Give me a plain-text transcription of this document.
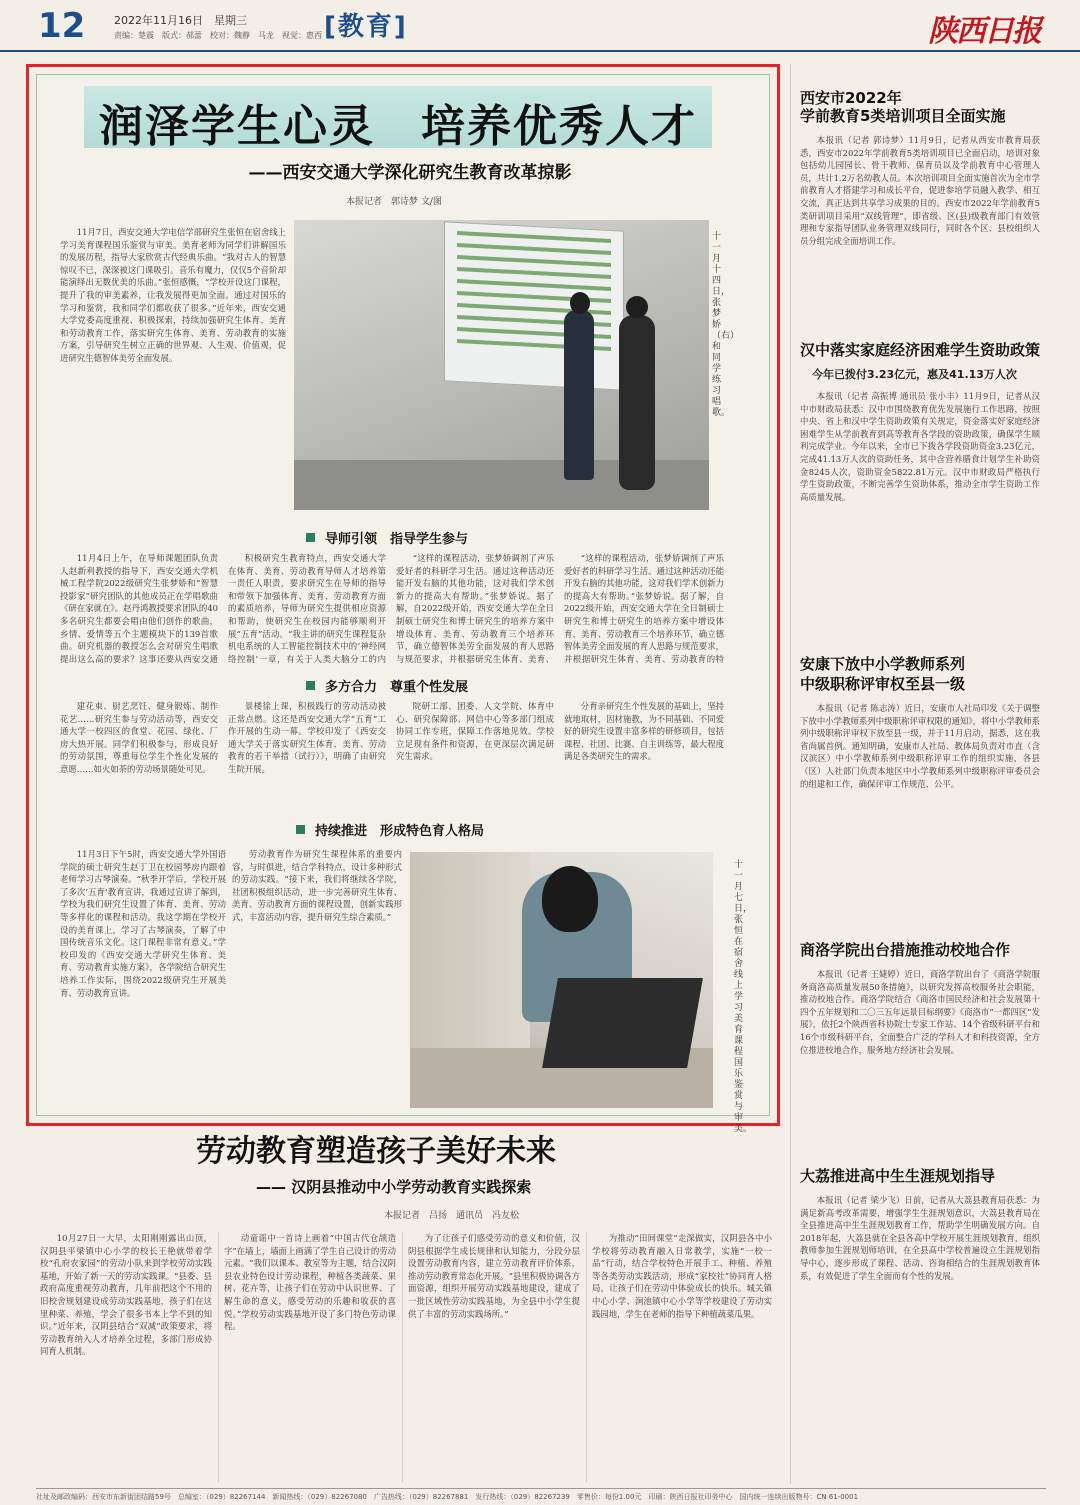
12	2022年11月16日　星期三
责编：楚震　版式：郝蕾　校对：魏静　马龙　视觉：惠西 [教育]	陕西日报
润泽学生心灵　培养优秀人才
——西安交通大学深化研究生教育改革掠影
本报记者　郭诗梦 文/图
11月7日，西安交通大学电信学部研究生张恒在宿舍线上学习美育课程国乐鉴赏与审美。美育老师为同学们讲解国乐的发展历程，指导大家欣赏古代经典乐曲。“我对古人的智慧惊叹不已，深深被这门课吸引。音乐有魔力，仅仅5个音阶却能演绎出无数优美的乐曲。”张恒感慨，“学校开设这门课程，提升了我的审美素养，让我发展得更加全面。通过对国乐的学习和鉴赏，我和同学们都收获了很多。”近年来，西安交通大学党委高度重视、积极探索，持续加强研究生体育、美育和劳动教育工作，落实研究生体育、美育、劳动教育的实施方案，引导研究生树立正确的世界观、人生观、价值观，促进研究生德智体美劳全面发展。
十一月十四日，张梦娇（右）和同学练习唱歌。
导师引领　指导学生参与
11月4日上午，在导师课题团队负责人赵新利教授的指导下，西安交通大学机械工程学院2022级研究生张梦娇和“智慧投影家”研究团队的其他成员正在学唱歌曲《研在家就在》。赵丹鸿教授要求团队的40多名研究生都要会唱由他们创作的歌曲，乡情、爱情等五个主题模块下的139首歌曲。研究机器的教授怎么会对研究生唱歌提出这么高的要求？这事还要从西安交通
积极研究生教育特点，西安交通大学在体育、美育、劳动教育导师人才培养第一责任人职责，要求研究生在导师的指导和带领下加强体育、美育、劳动教育方面的素质培养，导师为研究生提供相应资源和帮助，使研究生在校园内能够顺利开展“五育”活动。“我主讲的研究生课程复杂机电系统的人工智能控制技术中的‘神经网络控制’一章，有关于人类大脑分工的内
“这样的课程活动，张梦娇调剂了声乐爱好者的科研学习生活。通过这种活动还能开发右脑的其他功能，这对我们学术创新力的提高大有帮助。”张梦娇说。据了解，自2022级开始，西安交通大学在全日制硕士研究生和博士研究生的培养方案中增设体育、美育、劳动教育三个培养环节，确立德智体美劳全面发展的育人思路与规范要求，并根据研究生体育、美育、
“这样的课程活动，张梦娇调剂了声乐爱好者的科研学习生活。通过这种活动还能开发右脑的其他功能，这对我们学术创新力的提高大有帮助。”张梦娇说。据了解，自2022级开始，西安交通大学在全日制硕士研究生和博士研究生的培养方案中增设体育、美育、劳动教育三个培养环节，确立德智体美劳全面发展的育人思路与规范要求，并根据研究生体育、美育、劳动教育的特
多方合力　尊重个性发展
建花束、厨艺烹饪、健身锻炼、制作花艺……研究生参与劳动活动等，西安交通大学一校四区的食堂、花园、绿化、厂房大热开展。同学们积极参与，形成良好的劳动氛围，尊重每位学生个性化发展的意愿……如火如荼的劳动场景随处可见。
景楼徐上课，积极践行的劳动活动被正常点燃。这还是西安交通大学“五育”工作开展的生动一幕。学校印发了《西安交通大学关于落实研究生体育、美育、劳动教育的若干举措（试行）》，明确了由研究生院开展。
院研工部、团委、人文学院、体育中心、研究保障部、网信中心等多部门组成协同工作专班，保障工作落地见效。学校立足现有条件和资源，在更深层次满足研究生需求。
分育亲研究生个性发展的基础上，坚持就地取材，因材施教，为不同基础、不同爱好的研究生设置丰富多样的研修项目，包括课程、社团、比赛、自主训练等，最大程度满足各类研究生的需求。
持续推进　形成特色育人格局
11月3日下午5时，西安交通大学外国语学院的硕士研究生赵丁卫在校园琴房内跟着老师学习古琴演奏。“秋季开学后，学校开展了多次‘五育’教育宣讲，我通过宣讲了解到，学校为我们研究生设置了体育、美育、劳动等多样化的课程和活动。我这学期在学校开设的美育课上，学习了古琴演奏，了解了中国传统音乐文化。这门课程非常有意义。”学校印发的《西安交通大学研究生体育、美育、劳动教育实施方案》，各学院结合研究生培养工作实际，围绕2022级研究生开展美育、劳动教育宣讲。
劳动教育作为研究生课程体系的重要内容，与时俱进，结合学科特点，设计多种形式的劳动实践。“接下来，我们将继续各学院，社团积极组织活动，进一步完善研究生体育、美育、劳动教育方面的课程设置，创新实践形式，丰富活动内容，提升研究生综合素质。”
十一月七日，张恒在宿舍线上学习美育课程国乐鉴赏与审美。
劳动教育塑造孩子美好未来
—— 汉阴县推动中小学劳动教育实践探索
本报记者　吕扬　通讯员　冯友松
10月27日一大早，太阳刚刚露出山顶，汉阴县平梁镇中心小学的校长王艳就带着学校“孔府农家园”的劳动小队来到学校劳动实践基地，开始了新一天的劳动实践课。“县委、县政府高度重视劳动教育，几年前把这个不用的旧校舍规划建设成劳动实践基地，孩子们在这里种菜、养殖，学会了很多书本上学不到的知识。”近年来，汉阴县结合“双减”政策要求，将劳动教育纳入人才培养全过程，多部门形成协同育人机制。
动童谣中一首诗上画着“中国古代仓颉造字”在墙上，墙面上画满了学生自己设计的劳动元素。“我们以课本、教室等为主题，结合汉阴县农业特色设计劳动课程，种植各类蔬菜、果树、花卉等，让孩子们在劳动中认识世界、了解生命的意义，感受劳动的乐趣和收获的喜悦。”学校劳动实践基地开设了多门特色劳动课程。
为了让孩子们感受劳动的意义和价值，汉阴县根据学生成长规律和认知能力，分段分层设置劳动教育内容，建立劳动教育评价体系，推动劳动教育常态化开展。“县里积极协调各方面资源，组织开展劳动实践基地建设，建成了一批区域性劳动实践基地，为全县中小学生提供了丰富的劳动实践场所。”
为推动“田间课堂”走深做实，汉阴县各中小学校将劳动教育融入日常教学，实施“一校一品”行动，结合学校特色开展手工、种植、养殖等各类劳动实践活动，形成“家校社”协同育人格局，让孩子们在劳动中体验成长的快乐。城关镇中心小学、涧池镇中心小学等学校建设了劳动实践园地，学生在老师的指导下种植蔬菜瓜果。
西安市2022年
学前教育5类培训项目全面实施
本报讯（记者 郭诗梦）11月9日，记者从西安市教育局获悉，西安市2022年学前教育5类培训项目已全面启动，培训对象包括幼儿园园长、骨干教师、保育员以及学前教育中心管理人员，共计1.2万名幼教人员。本次培训项目全面实施首次为全市学前教育人才搭建学习和成长平台，促进参培学员融入教学、相互交流，真正达到共享学习成果的目的。西安市2022年学前教育5类研训项目采用“双线管理”，即省级、区(县)级教育部门有效管理和专家指导团队业务管理双线同行，同时各个区、县校组织人员分组完成全面培训工作。
汉中落实家庭经济困难学生资助政策
今年已拨付3.23亿元，惠及41.13万人次
本报讯（记者 高振博 通讯员 张小丰）11月9日，记者从汉中市财政局获悉：汉中市围绕教育优先发展施行工作思路，按照中央、省上和汉中学生资助政策有关规定，资金落实好家庭经济困难学生从学前教育到高等教育各学段的资助政策，确保学生顺利完成学业。今年以来，全市已下拨各学段资助资金3.23亿元，完成41.13万人次的资助任务，其中含营养膳食计划学生补助资金8245人次，资助资金5822.81万元。汉中市财政局严格执行学生资助政策，不断完善学生资助体系，推动全市学生资助工作高质量发展。
安康下放中小学教师系列
中级职称评审权至县一级
本报讯（记者 陈志涛）近日，安康市人社局印发《关于调整下放中小学教师系列中级职称评审权限的通知》，将中小学教师系列中级职称评审权下放至县一级，并于11月启动，据悉，这在我省尚属首例。通知明确，安康市人社局、教体局负责对市直（含汉滨区）中小学教师系列中级职称评审工作的组织实施，各县（区）人社部门负责本地区中小学教师系列中级职称评审委员会的组建和工作，确保评审工作规范、公平。
商洛学院出台措施推动校地合作
本报讯（记者 王婕婷）近日，商洛学院出台了《商洛学院服务商洛高质量发展50条措施》，以研究发挥高校服务社会职能，推动校地合作。商洛学院结合《商洛市国民经济和社会发展第十四个五年规划和二〇三五年远景目标纲要》《商洛市“一都四区”发展》，依托2个陕西省科协院士专家工作站、14个省级科研平台和16个市级科研平台，全面整合广泛的学科人才和科技资源，全方位推进校地合作，服务地方经济社会发展。
大荔推进高中生生涯规划指导
本报讯（记者 梁少飞）日前，记者从大荔县教育局获悉：为满足新高考改革需要，增强学生生涯规划意识，大荔县教育局在全县推进高中生生涯规划教育工作，帮助学生明确发展方向。自2018年起，大荔县就在全县各高中学校开展生涯规划教育，组织教师参加生涯规划师培训，在全县高中学校普遍设立生涯规划指导中心，逐步形成了课程、活动、咨询相结合的生涯规划教育体系，有效促进了学生全面而有个性的发展。
社址及邮政编码：西安市东新街团结路59号　总编室：（029）82267144　新闻热线：（029）82267080　广告热线：（029）82267881　发行热线：（029）82267239　零售价：每份1.00元　印刷：陕西日报社印务中心　国内统一连续出版物号：CN 61-0001
